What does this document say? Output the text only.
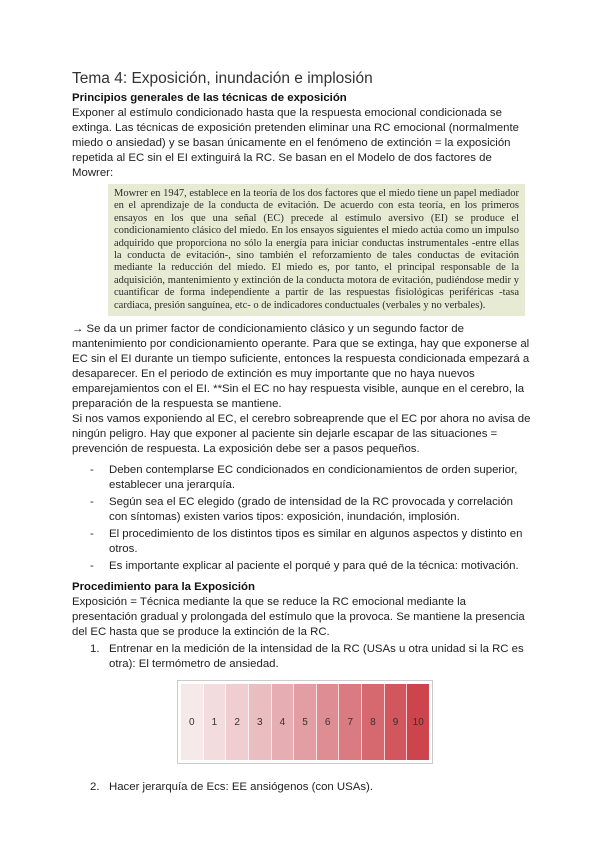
Tema 4: Exposición, inundación e implosión
Principios generales de las técnicas de exposición

Exponer al estímulo condicionado hasta que la respuesta emocional condicionada se extinga. Las técnicas de exposición pretenden eliminar una RC emocional (normalmente miedo o ansiedad) y se basan únicamente en el fenómeno de extinción = la exposición repetida al EC sin el EI extinguirá la RC. Se basan en el Modelo de dos factores de Mowrer:

Mowrer en 1947, establece en la teoría de los dos factores que el miedo tiene un papel mediador en el aprendizaje de la conducta de evitación. De acuerdo con esta teoría, en los primeros ensayos en los que una señal (EC) precede al estímulo aversivo (EI) se produce el condicionamiento clásico del miedo. En los ensayos siguientes el miedo actúa como un impulso adquirido que proporciona no sólo la energía para iniciar conductas instrumentales -entre ellas la conducta de evitación-, sino también el reforzamiento de tales conductas de evitación mediante la reducción del miedo. El miedo es, por tanto, el principal responsable de la adquisición, mantenimiento y extinción de la conducta motora de evitación, pudiéndose medir y cuantificar de forma independiente a partir de las respuestas fisiológicas periféricas -tasa cardiaca, presión sanguínea, etc- o de indicadores conductuales (verbales y no verbales).

→ Se da un primer factor de condicionamiento clásico y un segundo factor de mantenimiento por condicionamiento operante. Para que se extinga, hay que exponerse al EC sin el EI durante un tiempo suficiente, entonces la respuesta condicionada empezará a desaparecer. En el periodo de extinción es muy importante que no haya nuevos emparejamientos con el EI. **Sin el EC no hay respuesta visible, aunque en el cerebro, la preparación de la respuesta se mantiene.

Si nos vamos exponiendo al EC, el cerebro sobreaprende que el EC por ahora no avisa de ningún peligro. Hay que exponer al paciente sin dejarle escapar de las situaciones = prevención de respuesta. La exposición debe ser a pasos pequeños.

- Deben contemplarse EC condicionados en condicionamientos de orden superior, establecer una jerarquía.
- Según sea el EC elegido (grado de intensidad de la RC provocada y correlación con síntomas) existen varios tipos: exposición, inundación, implosión.
- El procedimiento de los distintos tipos es similar en algunos aspectos y distinto en otros.
- Es importante explicar al paciente el porqué y para qué de la técnica: motivación.
Procedimiento para la Exposición

Exposición = Técnica mediante la que se reduce la RC emocional mediante la presentación gradual y prolongada del estímulo que la provoca. Se mantiene la presencia del EC hasta que se produce la extinción de la RC.

1. Entrenar en la medición de la intensidad de la RC (USAs u otra unidad si la RC es otra): El termómetro de ansiedad.
0	1	2	3	4	5	6	7	8	9	10
2. Hacer jerarquía de Ecs: EE ansiógenos (con USAs).
